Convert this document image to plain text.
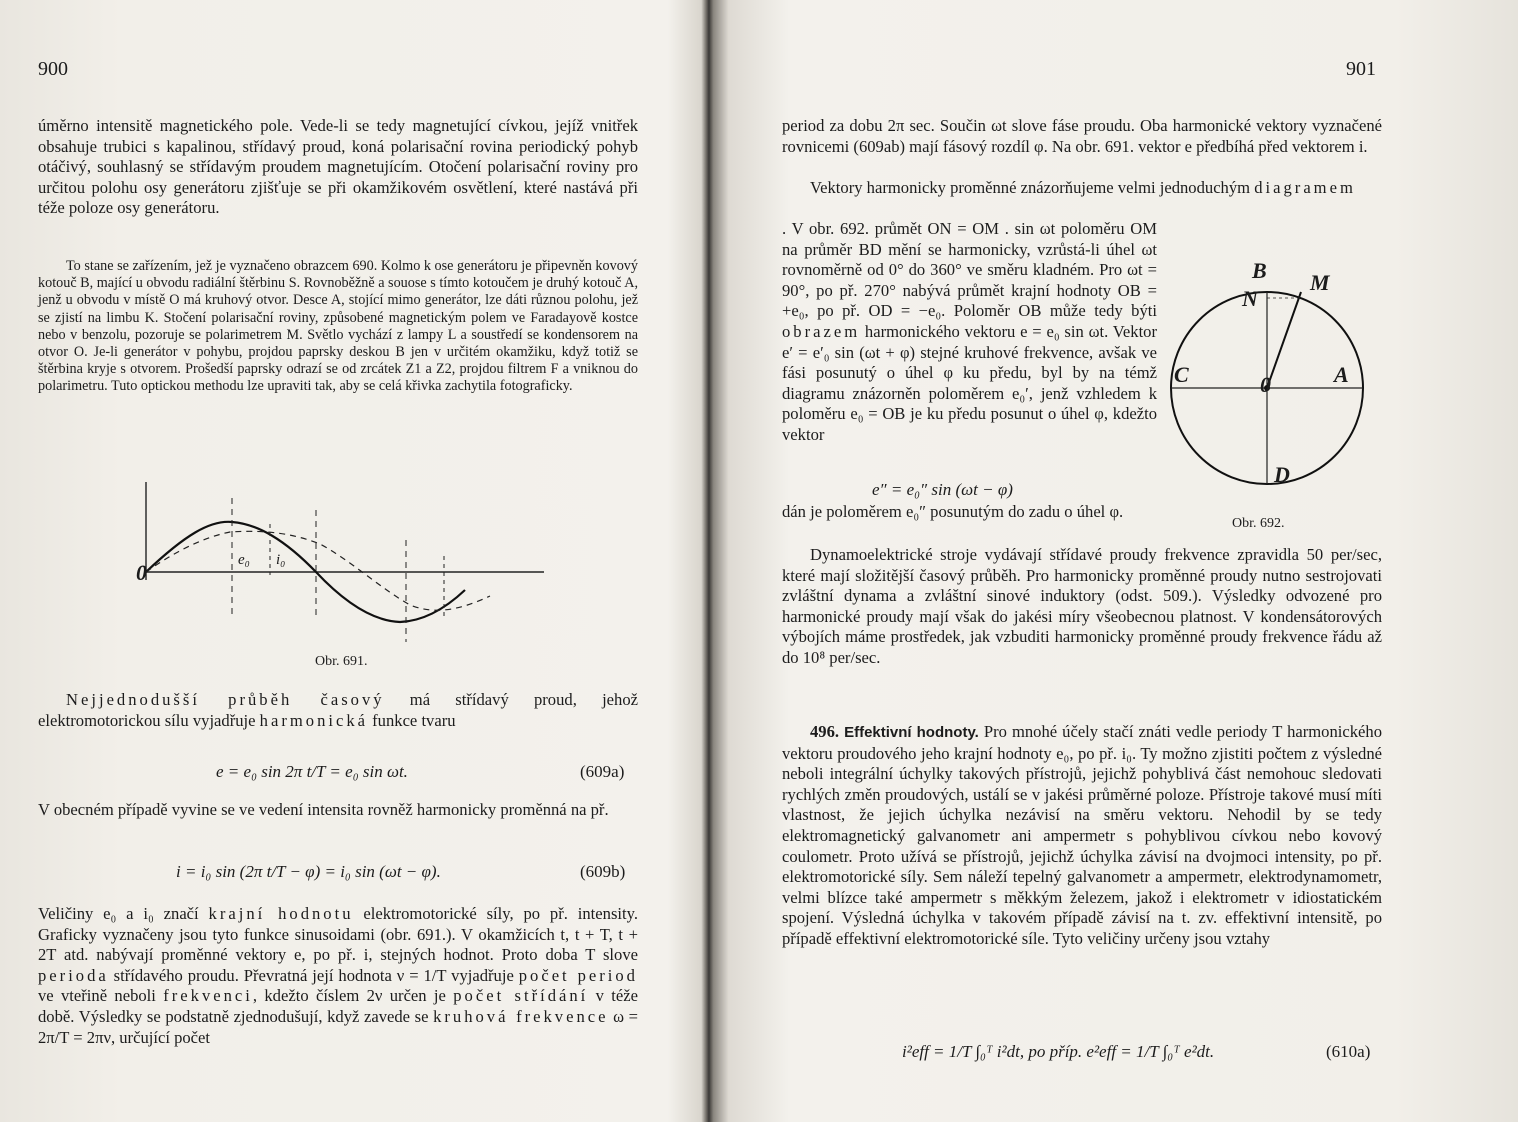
900

úměrno intensitě magnetického pole. Vede-li se tedy magnetující cívkou, jejíž vnitřek obsahuje trubici s kapalinou, střídavý proud, koná polarisační rovina periodický pohyb otáčivý, souhlasný se střídavým proudem magnetujícím. Otočení polarisační roviny pro určitou polohu osy generátoru zjišťuje se při okamžikovém osvětlení, které nastává při téže poloze osy generátoru.

To stane se zařízením, jež je vyznačeno obrazcem 690. Kolmo k ose generátoru je připevněn kovový kotouč B, mající u obvodu radiální štěrbinu S. Rovnoběžně a souose s tímto kotoučem je druhý kotouč A, jenž u obvodu v místě O má kruhový otvor. Desce A, stojící mimo generátor, lze dáti různou polohu, jež se zjistí na limbu K. Stočení polarisační roviny, způsobené magnetickým polem ve Faradayově kostce nebo v benzolu, pozoruje se polarimetrem M. Světlo vychází z lampy L a soustředí se kondensorem na otvor O. Je-li generátor v pohybu, projdou paprsky deskou B jen v určitém okamžiku, když totiž se štěrbina kryje s otvorem. Prošedší paprsky odrazí se od zrcátek Z1 a Z2, projdou filtrem F a vniknou do polarimetru. Tuto optickou methodu lze upraviti tak, aby se celá křivka zachytila fotograficky.

0	e₀ i₀
Obr. 691.

Nejjednodušší průběh časový má střídavý proud, jehož elektromotorickou sílu vyjadřuje harmonická funkce tvaru

e = e₀ sin 2π t/T = e₀ sin ωt.	(609a)

V obecném případě vyvine se ve vedení intensita rovněž harmonicky proměnná na př.

i = i₀ sin (2π t/T − φ) = i₀ sin (ωt − φ).	(609b)

Veličiny e₀ a i₀ značí krajní hodnotu elektromotorické síly, po př. intensity. Graficky vyznačeny jsou tyto funkce sinusoidami (obr. 691.). V okamžicích t, t + T, t + 2T atd. nabývají proměnné vektory e, po př. i, stejných hodnot. Proto doba T slove perioda střídavého proudu. Převratná její hodnota ν = 1/T vyjadřuje počet period ve vteřině neboli frekvenci, kdežto číslem 2ν určen je počet střídání v téže době. Výsledky se podstatně zjednodušují, když zavede se kruhová frekvence ω = 2π/T = 2πν, určující počet

901

period za dobu 2π sec. Součin ωt slove fáse proudu. Oba harmonické vektory vyznačené rovnicemi (609ab) mají fásový rozdíl φ. Na obr. 691. vektor e předbíhá před vektorem i.

Vektory harmonicky proměnné znázorňujeme velmi jednoduchým diagramem

. V obr. 692. průmět ON = OM . sin ωt poloměru OM na průměr BD mění se harmonicky, vzrůstá-li úhel ωt rovnoměrně od 0° do 360° ve směru kladném. Pro ωt = 90°, po př. 270° nabývá průmět krajní hodnoty OB = +e₀, po př. OD = −e₀. Poloměr OB může tedy býti obrazem harmonického vektoru e = e₀ sin ωt. Vektor e′ = e′₀ sin (ωt + φ) stejné kruhové frekvence, avšak ve fási posunutý o úhel φ ku předu, byl by na témž diagramu znázorněn poloměrem e₀′, jenž vzhledem k poloměru e₀ = OB je ku předu posunut o úhel φ, kdežto vektor

e″ = e₀″ sin (ωt − φ)

dán je poloměrem e₀″ posunutým do zadu o úhel φ.

B M
N
C	A
0
D
Obr. 692.

Dynamoelektrické stroje vydávají střídavé proudy frekvence zpravidla 50 per/sec, které mají složitější časový průběh. Pro harmonicky proměnné proudy nutno sestrojovati zvláštní dynama a zvláštní sinové induktory (odst. 509.). Výsledky odvozené pro harmonické proudy mají však do jakési míry všeobecnou platnost. V kondensátorových výbojích máme prostředek, jak vzbuditi harmonicky proměnné proudy frekvence řádu až do 10⁸ per/sec.

496. Effektivní hodnoty. Pro mnohé účely stačí znáti vedle periody T harmonického vektoru proudového jeho krajní hodnoty e₀, po př. i₀. Ty možno zjistiti počtem z výsledné neboli integrální úchylky takových přístrojů, jejichž pohyblivá část nemohouc sledovati rychlých změn proudových, ustálí se v jakési průměrné poloze. Přístroje takové musí míti vlastnost, že jejich úchylka nezávisí na směru vektoru. Nehodil by se tedy elektromagnetický galvanometr ani ampermetr s pohyblivou cívkou nebo kovový coulometr. Proto užívá se přístrojů, jejichž úchylka závisí na dvojmoci intensity, po př. elektromotorické síly. Sem náleží tepelný galvanometr a ampermetr, elektrodynamometr, velmi blízce také ampermetr s měkkým železem, jakož i elektrometr v idiostatickém spojení. Výsledná úchylka v takovém případě závisí na t. zv. effektivní intensitě, po případě effektivní elektromotorické síle. Tyto veličiny určeny jsou vztahy

i²eff = 1/T ∫₀ᵀ i²dt, po příp. e²eff = 1/T ∫₀ᵀ e²dt.	(610a)
